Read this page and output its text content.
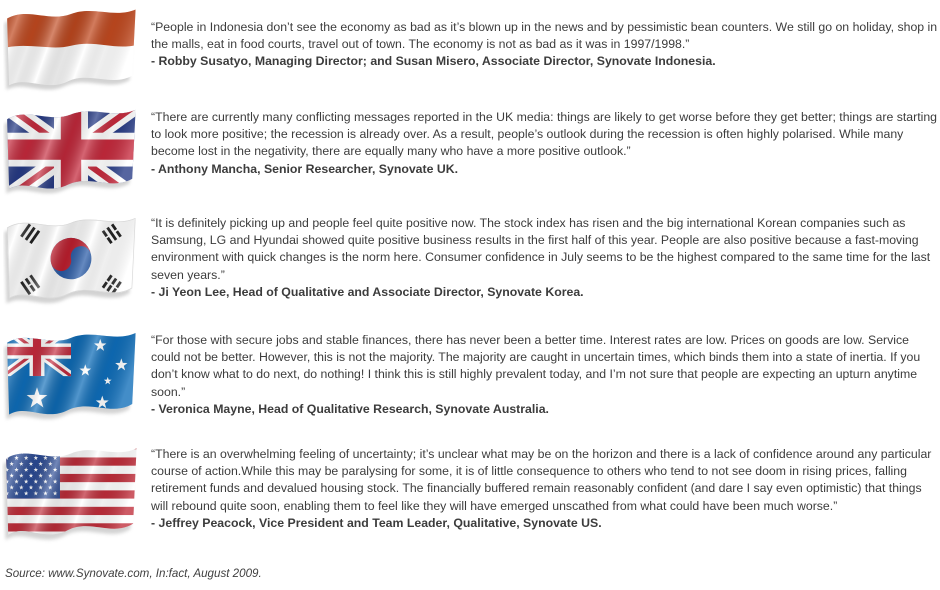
“People in Indonesia don’t see the economy as bad as it’s blown up in the news and by pessimistic bean counters. We still go on holiday, shop in the malls, eat in food courts, travel out of town. The economy is not as bad as it was in 1997/1998.”

- Robby Susatyo, Managing Director; and Susan Misero, Associate Director, Synovate Indonesia.

“There are currently many conflicting messages reported in the UK media: things are likely to get worse before they get better; things are starting to look more positive; the recession is already over. As a result, people’s outlook during the recession is often highly polarised. While many become lost in the negativity, there are equally many who have a more positive outlook.”

- Anthony Mancha, Senior Researcher, Synovate UK.

“It is definitely picking up and people feel quite positive now. The stock index has risen and the big international Korean companies such as Samsung, LG and Hyundai showed quite positive business results in the first half of this year. People are also positive because a fast-moving environment with quick changes is the norm here. Consumer confidence in July seems to be the highest compared to the same time for the last seven years.”

- Ji Yeon Lee, Head of Qualitative and Associate Director, Synovate Korea.

“For those with secure jobs and stable finances, there has never been a better time. Interest rates are low. Prices on goods are low. Service could not be better. However, this is not the majority. The majority are caught in uncertain times, which binds them into a state of inertia. If you don’t know what to do next, do nothing! I think this is still highly prevalent today, and I’m not sure that people are expecting an upturn anytime soon.”

- Veronica Mayne, Head of Qualitative Research, Synovate Australia.

“There is an overwhelming feeling of uncertainty; it’s unclear what may be on the horizon and there is a lack of confidence around any particular course of action.While this may be paralysing for some, it is of little consequence to others who tend to not see doom in rising prices, falling retirement funds and devalued housing stock. The financially buffered remain reasonably confident (and dare I say even optimistic) that things will rebound quite soon, enabling them to feel like they will have emerged unscathed from what could have been much worse.”

- Jeffrey Peacock, Vice President and Team Leader, Qualitative, Synovate US.

Source: www.Synovate.com, In:fact, August 2009.
